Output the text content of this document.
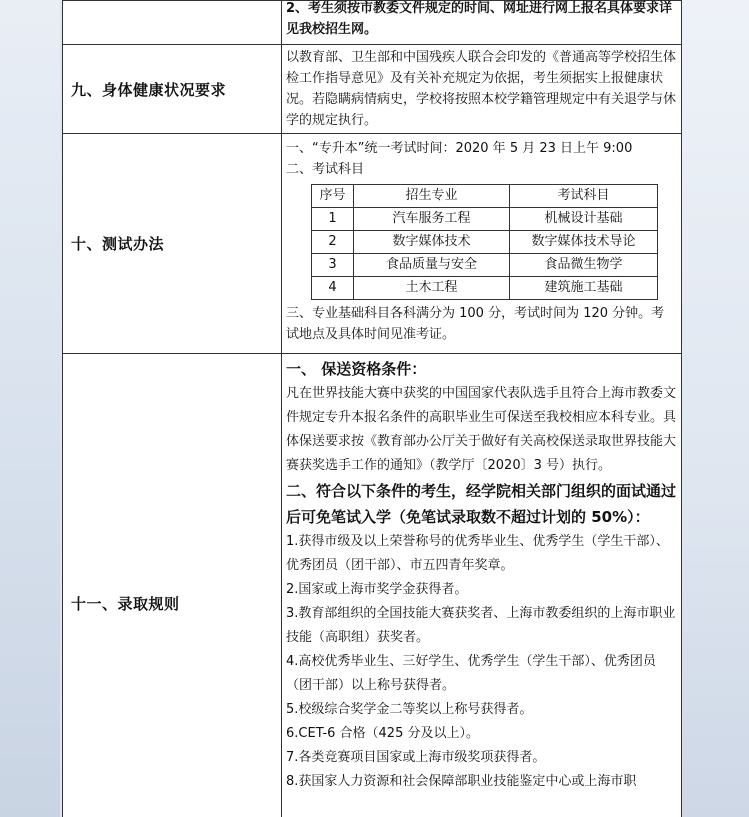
2、考生须按市教委文件规定的时间、网址进行网上报名具体要求详见我校招生网。

九、身体健康状况要求	

以教育部、卫生部和中国残疾人联合会印发的《普通高等学校招生体检工作指导意见》及有关补充规定为依据，考生须据实上报健康状况。若隐瞒病情病史，学校将按照本校学籍管理规定中有关退学与休学的规定执行。

十、测试办法	

一、“专升本”统一考试时间：2020 年 5 月 23 日上午 9:00

二、考试科目

序号	招生专业	考试科目
1	汽车服务工程	机械设计基础
2	数字媒体技术	数字媒体技术导论
3	食品质量与安全	食品微生物学
4	土木工程	建筑施工基础

三、专业基础科目各科满分为 100 分，考试时间为 120 分钟。考试地点及具体时间见准考证。

十一、录取规则	

一、 保送资格条件：

凡在世界技能大赛中获奖的中国国家代表队选手且符合上海市教委文件规定专升本报名条件的高职毕业生可保送至我校相应本科专业。具体保送要求按《教育部办公厅关于做好有关高校保送录取世界技能大赛获奖选手工作的通知》（教学厅〔2020〕3 号）执行。

二、符合以下条件的考生，经学院相关部门组织的面试通过后可免笔试入学（免笔试录取数不超过计划的 50%）：

1.获得市级及以上荣誉称号的优秀毕业生、优秀学生（学生干部）、优秀团员（团干部）、市五四青年奖章。

2.国家或上海市奖学金获得者。

3.教育部组织的全国技能大赛获奖者、上海市教委组织的上海市职业技能（高职组）获奖者。

4.高校优秀毕业生、三好学生、优秀学生（学生干部）、优秀团员（团干部）以上称号获得者。

5.校级综合奖学金二等奖以上称号获得者。

6.CET-6 合格（425 分及以上）。

7.各类竞赛项目国家或上海市级奖项获得者。

8.获国家人力资源和社会保障部职业技能鉴定中心或上海市职
